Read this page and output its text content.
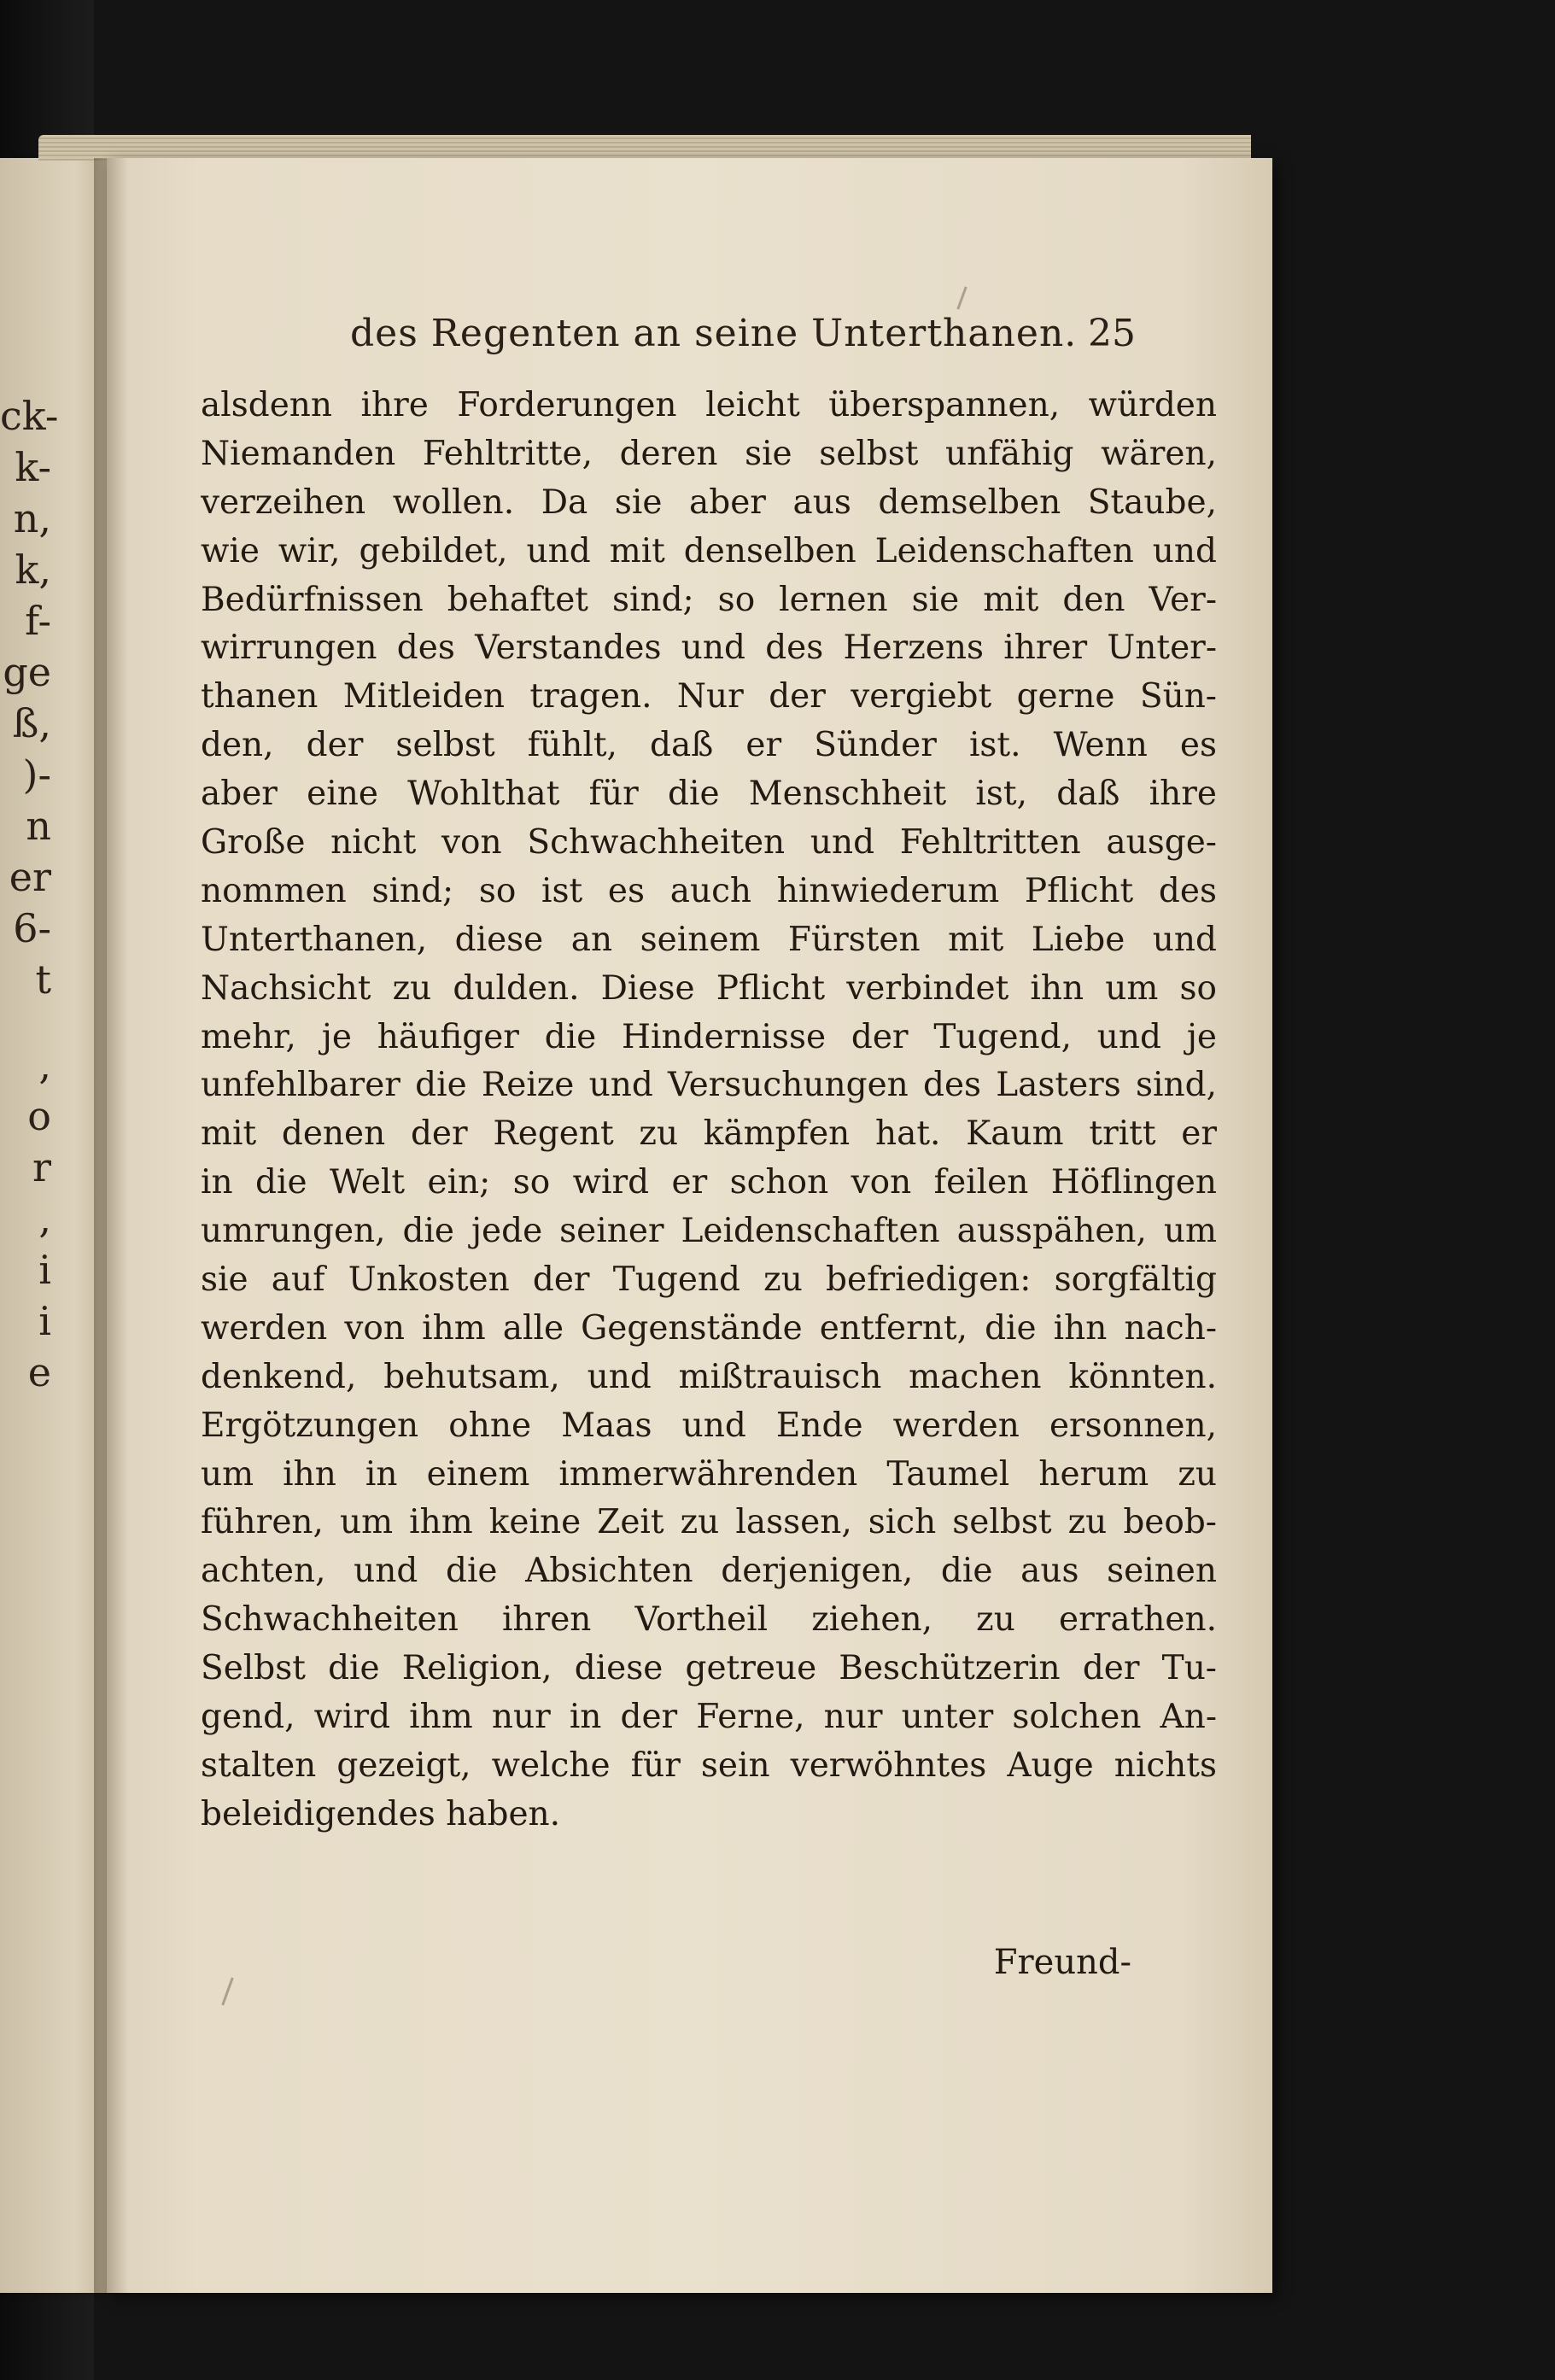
ck-
k-
n,
k,
f-
ge
ß,
)-
n
er
6-
t
,
o
r
,
i
i
e
des Regenten an seine Unterthanen. 25
alsdenn ihre Forderungen leicht überspannen, würden
Niemanden Fehltritte, deren sie selbst unfähig wären,
verzeihen wollen. Da sie aber aus demselben Staube,
wie wir, gebildet, und mit denselben Leidenschaften und
Bedürfnissen behaftet sind; so lernen sie mit den Ver-
wirrungen des Verstandes und des Herzens ihrer Unter-
thanen Mitleiden tragen. Nur der vergiebt gerne Sün-
den, der selbst fühlt, daß er Sünder ist. Wenn es
aber eine Wohlthat für die Menschheit ist, daß ihre
Große nicht von Schwachheiten und Fehltritten ausge-
nommen sind; so ist es auch hinwiederum Pflicht des
Unterthanen, diese an seinem Fürsten mit Liebe und
Nachsicht zu dulden. Diese Pflicht verbindet ihn um so
mehr, je häufiger die Hindernisse der Tugend, und je
unfehlbarer die Reize und Versuchungen des Lasters sind,
mit denen der Regent zu kämpfen hat. Kaum tritt er
in die Welt ein; so wird er schon von feilen Höflingen
umrungen, die jede seiner Leidenschaften ausspähen, um
sie auf Unkosten der Tugend zu befriedigen: sorgfältig
werden von ihm alle Gegenstände entfernt, die ihn nach-
denkend, behutsam, und mißtrauisch machen könnten.
Ergötzungen ohne Maas und Ende werden ersonnen,
um ihn in einem immerwährenden Taumel herum zu
führen, um ihm keine Zeit zu lassen, sich selbst zu beob-
achten, und die Absichten derjenigen, die aus seinen
Schwachheiten ihren Vortheil ziehen, zu errathen.
Selbst die Religion, diese getreue Beschützerin der Tu-
gend, wird ihm nur in der Ferne, nur unter solchen An-
stalten gezeigt, welche für sein verwöhntes Auge nichts
beleidigendes haben.
Freund-
